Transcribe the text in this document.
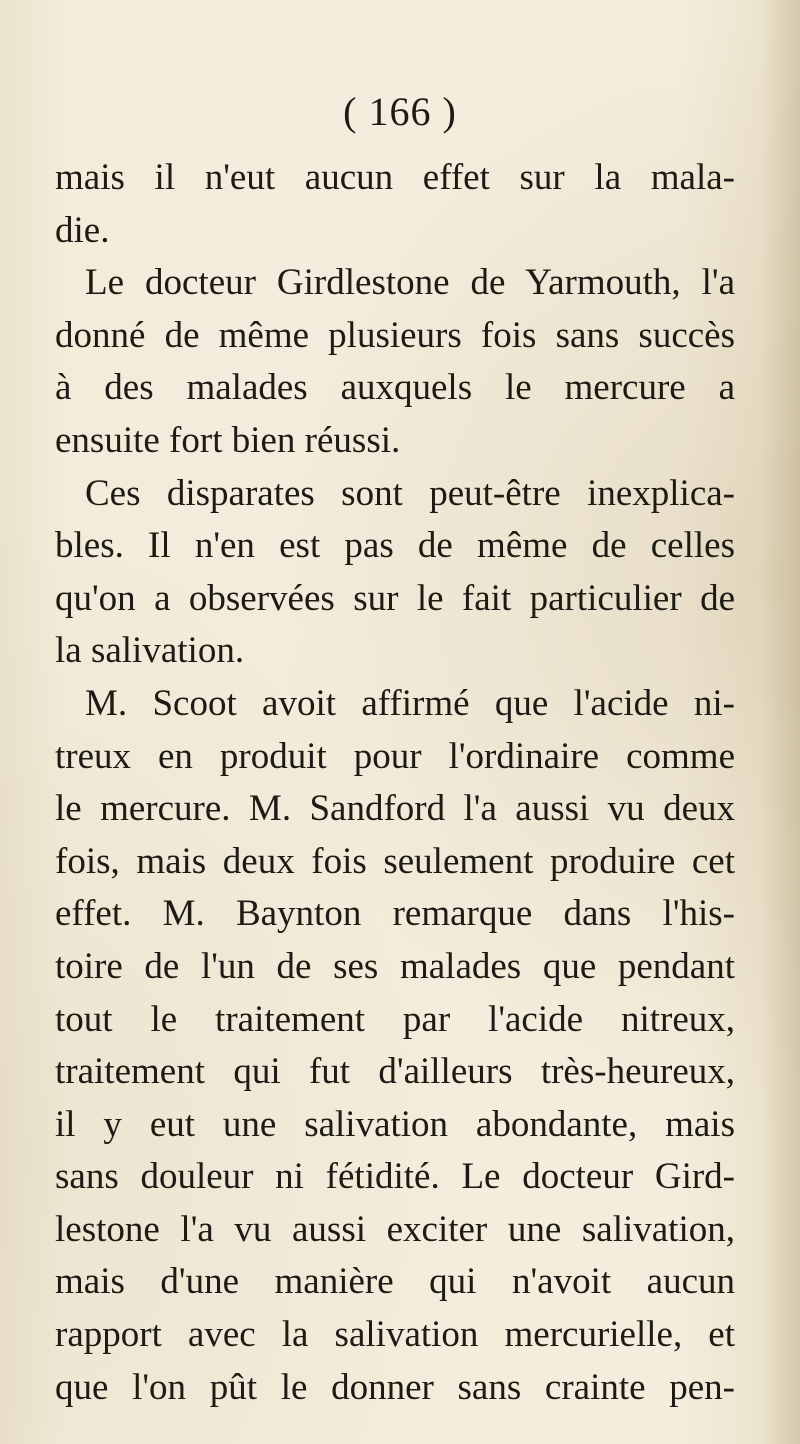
( 166 )
mais il n'eut aucun effet sur la mala-
die.
Le docteur Girdlestone de Yarmouth, l'a
donné de même plusieurs fois sans succès
à des malades auxquels le mercure a
ensuite fort bien réussi.
Ces disparates sont peut-être inexplica-
bles. Il n'en est pas de même de celles
qu'on a observées sur le fait particulier de
la salivation.
M. Scoot avoit affirmé que l'acide ni-
treux en produit pour l'ordinaire comme
le mercure. M. Sandford l'a aussi vu deux
fois, mais deux fois seulement produire cet
effet. M. Baynton remarque dans l'his-
toire de l'un de ses malades que pendant
tout le traitement par l'acide nitreux,
traitement qui fut d'ailleurs très-heureux,
il y eut une salivation abondante, mais
sans douleur ni fétidité. Le docteur Gird-
lestone l'a vu aussi exciter une salivation,
mais d'une manière qui n'avoit aucun
rapport avec la salivation mercurielle, et
que l'on pût le donner sans crainte pen-
